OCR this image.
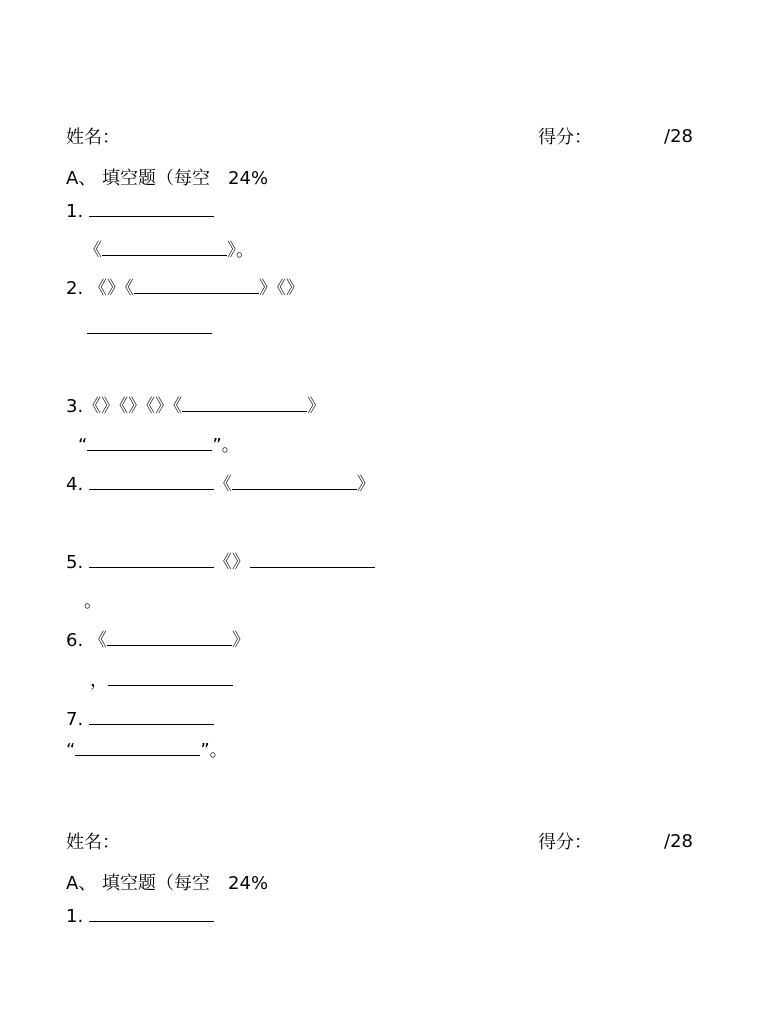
姓名：	得分：	/28
A、 填空题（每空　24%
1.
《	》。
2. 《》《	》《》
3.《》《》《》《	》
“	”。
4.	《	》
5.	《》
。
6. 《	》
，
7.
“	”。
姓名：	得分：	/28
A、 填空题（每空　24%
1.
